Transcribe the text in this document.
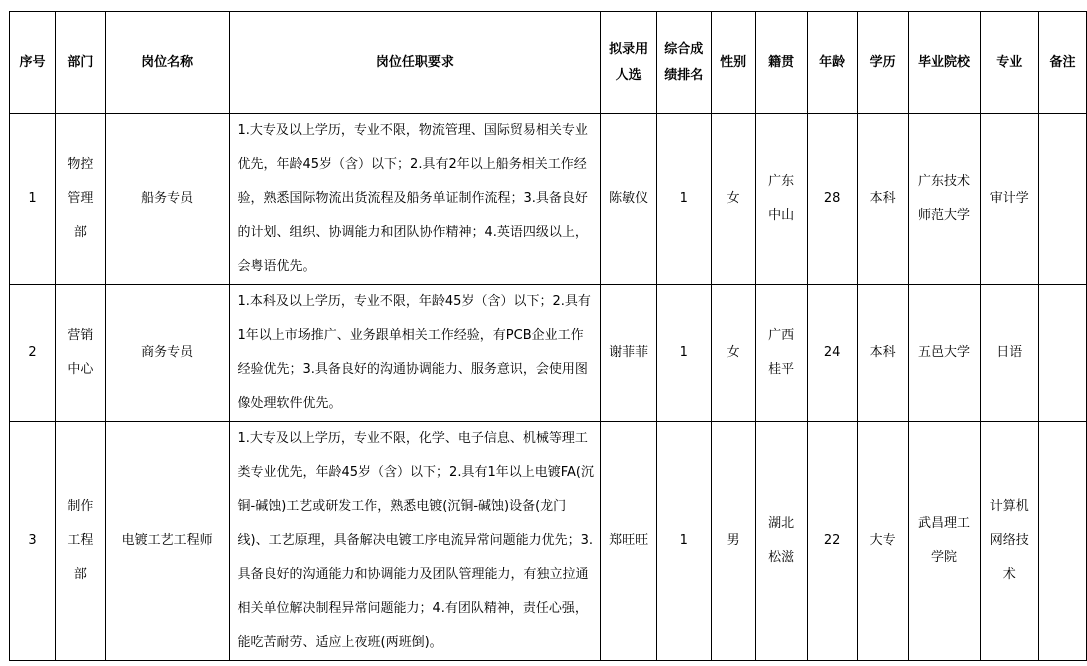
序号	部门	岗位名称	岗位任职要求	拟录用人选	综合成绩排名	性别	籍贯	年龄	学历	毕业院校	专业	备注

1	物控管理部	船务专员	1.大专及以上学历，专业不限，物流管理、国际贸易相关专业优先，年龄45岁（含）以下；2.具有2年以上船务相关工作经验，熟悉国际物流出货流程及船务单证制作流程；3.具备良好的计划、组织、协调能力和团队协作精神；4.英语四级以上，会粤语优先。	陈敏仪	1	女	广东中山	28	本科	广东技术师范大学	审计学	

2	营销中心	商务专员	1.本科及以上学历，专业不限，年龄45岁（含）以下；2.具有1年以上市场推广、业务跟单相关工作经验，有PCB企业工作经验优先；3.具备良好的沟通协调能力、服务意识，会使用图像处理软件优先。	谢菲菲	1	女	广西桂平	24	本科	五邑大学	日语	

3	制作工程部	电镀工艺工程师	1.大专及以上学历，专业不限，化学、电子信息、机械等理工类专业优先，年龄45岁（含）以下；2.具有1年以上电镀FA(沉铜-碱蚀)工艺或研发工作，熟悉电镀(沉铜-碱蚀)设备(龙门线)、工艺原理，具备解决电镀工序电流异常问题能力优先；3.具备良好的沟通能力和协调能力及团队管理能力，有独立拉通相关单位解决制程异常问题能力；4.有团队精神，责任心强，能吃苦耐劳、适应上夜班(两班倒)。	郑旺旺	1	男	湖北松滋	22	大专	武昌理工学院	计算机网络技术	
